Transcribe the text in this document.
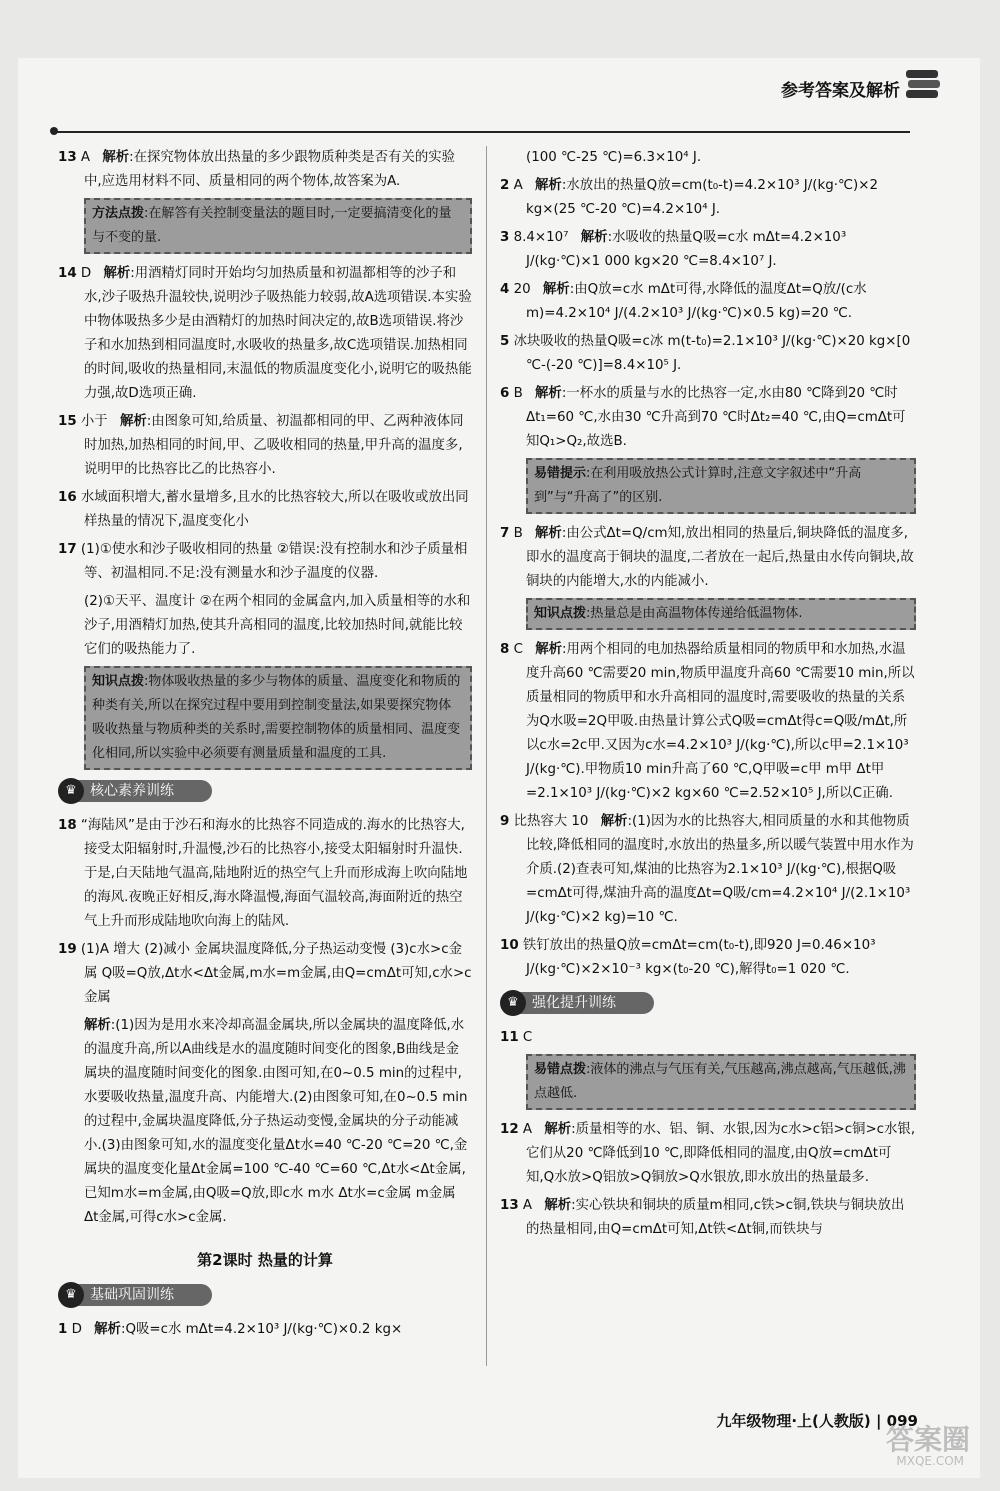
参考答案及解析
13 A 解析:在探究物体放出热量的多少跟物质种类是否有关的实验中,应选用材料不同、质量相同的两个物体,故答案为A.
方法点拨:在解答有关控制变量法的题目时,一定要搞清变化的量与不变的量.
14 D 解析:用酒精灯同时开始均匀加热质量和初温都相等的沙子和水,沙子吸热升温较快,说明沙子吸热能力较弱,故A选项错误.本实验中物体吸热多少是由酒精灯的加热时间决定的,故B选项错误.将沙子和水加热到相同温度时,水吸收的热量多,故C选项错误.加热相同的时间,吸收的热量相同,末温低的物质温度变化小,说明它的吸热能力强,故D选项正确.
15 小于 解析:由图象可知,给质量、初温都相同的甲、乙两种液体同时加热,加热相同的时间,甲、乙吸收相同的热量,甲升高的温度多,说明甲的比热容比乙的比热容小.
16 水域面积增大,蓄水量增多,且水的比热容较大,所以在吸收或放出同样热量的情况下,温度变化小
17 (1)①使水和沙子吸收相同的热量 ②错误:没有控制水和沙子质量相等、初温相同.不足:没有测量水和沙子温度的仪器.
(2)①天平、温度计 ②在两个相同的金属盒内,加入质量相等的水和沙子,用酒精灯加热,使其升高相同的温度,比较加热时间,就能比较它们的吸热能力了.
知识点拨:物体吸收热量的多少与物体的质量、温度变化和物质的种类有关,所以在探究过程中要用到控制变量法,如果要探究物体吸收热量与物质种类的关系时,需要控制物体的质量相同、温度变化相同,所以实验中必须要有测量质量和温度的工具.
♛ 核心素养训练
18 “海陆风”是由于沙石和海水的比热容不同造成的.海水的比热容大,接受太阳辐射时,升温慢,沙石的比热容小,接受太阳辐射时升温快.于是,白天陆地气温高,陆地附近的热空气上升而形成海上吹向陆地的海风.夜晚正好相反,海水降温慢,海面气温较高,海面附近的热空气上升而形成陆地吹向海上的陆风.
19 (1)A 增大 (2)减小 金属块温度降低,分子热运动变慢 (3)c水>c金属 Q吸=Q放,Δt水<Δt金属,m水=m金属,由Q=cmΔt可知,c水>c金属
解析:(1)因为是用水来冷却高温金属块,所以金属块的温度降低,水的温度升高,所以A曲线是水的温度随时间变化的图象,B曲线是金属块的温度随时间变化的图象.由图可知,在0~0.5 min的过程中,水要吸收热量,温度升高、内能增大.(2)由图象可知,在0~0.5 min的过程中,金属块温度降低,分子热运动变慢,金属块的分子动能减小.(3)由图象可知,水的温度变化量Δt水=40 ℃-20 ℃=20 ℃,金属块的温度变化量Δt金属=100 ℃-40 ℃=60 ℃,Δt水<Δt金属,已知m水=m金属,由Q吸=Q放,即c水 m水 Δt水=c金属 m金属 Δt金属,可得c水>c金属.
第2课时 热量的计算
♛ 基础巩固训练
1 D 解析:Q吸=c水 mΔt=4.2×10³ J/(kg·℃)×0.2 kg×
(100 ℃-25 ℃)=6.3×10⁴ J.
2 A 解析:水放出的热量Q放=cm(t₀-t)=4.2×10³ J/(kg·℃)×2 kg×(25 ℃-20 ℃)=4.2×10⁴ J.
3 8.4×10⁷ 解析:水吸收的热量Q吸=c水 mΔt=4.2×10³ J/(kg·℃)×1 000 kg×20 ℃=8.4×10⁷ J.
4 20 解析:由Q放=c水 mΔt可得,水降低的温度Δt=Q放/(c水 m)=4.2×10⁴ J/(4.2×10³ J/(kg·℃)×0.5 kg)=20 ℃.
5 冰块吸收的热量Q吸=c冰 m(t-t₀)=2.1×10³ J/(kg·℃)×20 kg×[0 ℃-(-20 ℃)]=8.4×10⁵ J.
6 B 解析:一杯水的质量与水的比热容一定,水由80 ℃降到20 ℃时Δt₁=60 ℃,水由30 ℃升高到70 ℃时Δt₂=40 ℃,由Q=cmΔt可知Q₁>Q₂,故选B.
易错提示:在利用吸放热公式计算时,注意文字叙述中“升高到”与“升高了”的区别.
7 B 解析:由公式Δt=Q/cm知,放出相同的热量后,铜块降低的温度多,即水的温度高于铜块的温度,二者放在一起后,热量由水传向铜块,故铜块的内能增大,水的内能减小.
知识点拨:热量总是由高温物体传递给低温物体.
8 C 解析:用两个相同的电加热器给质量相同的物质甲和水加热,水温度升高60 ℃需要20 min,物质甲温度升高60 ℃需要10 min,所以质量相同的物质甲和水升高相同的温度时,需要吸收的热量的关系为Q水吸=2Q甲吸.由热量计算公式Q吸=cmΔt得c=Q吸/mΔt,所以c水=2c甲.又因为c水=4.2×10³ J/(kg·℃),所以c甲=2.1×10³ J/(kg·℃).甲物质10 min升高了60 ℃,Q甲吸=c甲 m甲 Δt甲=2.1×10³ J/(kg·℃)×2 kg×60 ℃=2.52×10⁵ J,所以C正确.
9 比热容大 10 解析:(1)因为水的比热容大,相同质量的水和其他物质比较,降低相同的温度时,水放出的热量多,所以暖气装置中用水作为介质.(2)查表可知,煤油的比热容为2.1×10³ J/(kg·℃),根据Q吸=cmΔt可得,煤油升高的温度Δt=Q吸/cm=4.2×10⁴ J/(2.1×10³ J/(kg·℃)×2 kg)=10 ℃.
10 铁钉放出的热量Q放=cmΔt=cm(t₀-t),即920 J=0.46×10³ J/(kg·℃)×2×10⁻³ kg×(t₀-20 ℃),解得t₀=1 020 ℃.
♛ 强化提升训练
11 C
易错点拨:液体的沸点与气压有关,气压越高,沸点越高,气压越低,沸点越低.
12 A 解析:质量相等的水、铝、铜、水银,因为c水>c铝>c铜>c水银,它们从20 ℃降低到10 ℃,即降低相同的温度,由Q放=cmΔt可知,Q水放>Q铝放>Q铜放>Q水银放,即水放出的热量最多.
13 A 解析:实心铁块和铜块的质量m相同,c铁>c铜,铁块与铜块放出的热量相同,由Q=cmΔt可知,Δt铁<Δt铜,而铁块与
九年级物理·上(人教版) | 099
答案圈
MXQE.COM
